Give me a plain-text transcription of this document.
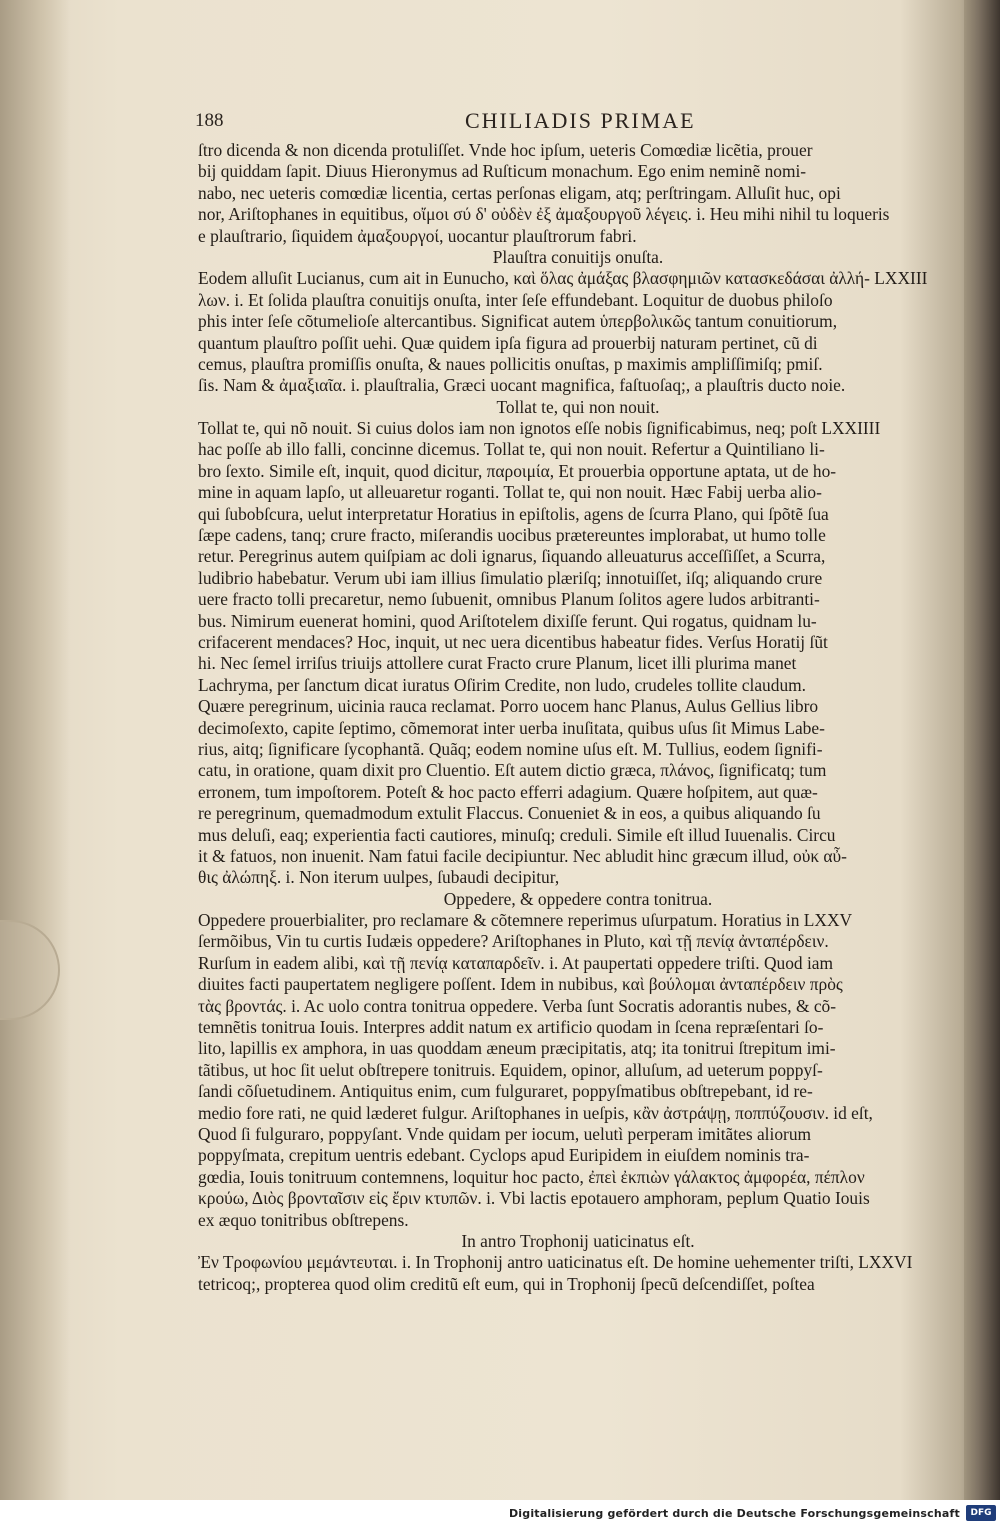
188	CHILIADIS PRIMAE
ſtro dicenda & non dicenda protuliſſet. Vnde hoc ipſum, ueteris Comœdiæ licẽtia, prouer
bij quiddam ſapit. Diuus Hieronymus ad Ruſticum monachum. Ego enim neminẽ nomi-
nabo, nec ueteris comœdiæ licentia, certas perſonas eligam, atq; perſtringam. Alluſit huc, opi
nor, Ariſtophanes in equitibus, οἴμοι σύ δ' οὐδὲν ἐξ ἀμαξουργοῦ λέγεις. i. Heu mihi nihil tu loqueris
e plauſtrario, ſiquidem ἀμαξουργοί, uocantur plauſtrorum fabri.
Plauſtra conuitijs onuſta.
Eodem alluſit Lucianus, cum ait in Eunucho, καὶ ὅλας ἀμάξας βλασφημιῶν κατασκεδάσαι ἀλλή- LXXIII
λων. i. Et ſolida plauſtra conuitijs onuſta, inter ſeſe effundebant. Loquitur de duobus philoſo
phis inter ſeſe cõtumelioſe altercantibus. Significat autem ὑπερβολικῶς tantum conuitiorum,
quantum plauſtro poſſit uehi. Quæ quidem ipſa figura ad prouerbij naturam pertinet, cũ di
cemus, plauſtra promiſſis onuſta, & naues pollicitis onuſtas, p maximis ampliſſimiſq; pmiſ.
ſis. Nam & ἀμαξιαῖα. i. plauſtralia, Græci uocant magnifica, faſtuoſaq;, a plauſtris ducto noie.
Tollat te, qui non nouit.
Tollat te, qui nõ nouit. Si cuius dolos iam non ignotos eſſe nobis ſignificabimus, neq; poſt LXXIIII
hac poſſe ab illo falli, concinne dicemus. Tollat te, qui non nouit. Refertur a Quintiliano li-
bro ſexto. Simile eſt, inquit, quod dicitur, παροιμία, Et prouerbia opportune aptata, ut de ho-
mine in aquam lapſo, ut alleuaretur roganti. Tollat te, qui non nouit. Hæc Fabij uerba alio-
qui ſubobſcura, uelut interpretatur Horatius in epiſtolis, agens de ſcurra Plano, qui ſpõtẽ ſua
ſæpe cadens, tanq; crure fracto, miſerandis uocibus prætereuntes implorabat, ut humo tolle
retur. Peregrinus autem quiſpiam ac doli ignarus, ſiquando alleuaturus acceſſiſſet, a Scurra,
ludibrio habebatur. Verum ubi iam illius ſimulatio plæriſq; innotuiſſet, iſq; aliquando crure
uere fracto tolli precaretur, nemo ſubuenit, omnibus Planum ſolitos agere ludos arbitranti-
bus. Nimirum euenerat homini, quod Ariſtotelem dixiſſe ferunt. Qui rogatus, quidnam lu-
crifacerent mendaces? Hoc, inquit, ut nec uera dicentibus habeatur fides. Verſus Horatij ſũt
hi. Nec ſemel irriſus triuijs attollere curat Fracto crure Planum, licet illi plurima manet
Lachryma, per ſanctum dicat iuratus Oſirim Credite, non ludo, crudeles tollite claudum.
Quære peregrinum, uicinia rauca reclamat. Porro uocem hanc Planus, Aulus Gellius libro
decimoſexto, capite ſeptimo, cõmemorat inter uerba inuſitata, quibus uſus ſit Mimus Labe-
rius, aitq; ſignificare ſycophantã. Quãq; eodem nomine uſus eſt. M. Tullius, eodem ſignifi-
catu, in oratione, quam dixit pro Cluentio. Eſt autem dictio græca, πλάνος, ſignificatq; tum
erronem, tum impoſtorem. Poteſt & hoc pacto efferri adagium. Quære hoſpitem, aut quæ-
re peregrinum, quemadmodum extulit Flaccus. Conueniet & in eos, a quibus aliquando ſu
mus deluſi, eaq; experientia facti cautiores, minuſq; creduli. Simile eſt illud Iuuenalis. Circu
it & fatuos, non inuenit. Nam fatui facile decipiuntur. Nec abludit hinc græcum illud, οὐκ αὖ-
θις ἀλώπηξ. i. Non iterum uulpes, ſubaudi decipitur,
Oppedere, & oppedere contra tonitrua.
Oppedere prouerbialiter, pro reclamare & cõtemnere reperimus uſurpatum. Horatius in LXXV
ſermõibus, Vin tu curtis Iudæis oppedere? Ariſtophanes in Pluto, καὶ τῇ πενίᾳ ἀνταπέρδειν.
Rurſum in eadem alibi, καὶ τῇ πενίᾳ καταπαρδεῖν. i. At paupertati oppedere triſti. Quod iam
diuites facti paupertatem negligere poſſent. Idem in nubibus, καὶ βούλομαι ἀνταπέρδειν πρὸς
τὰς βροντάς. i. Ac uolo contra tonitrua oppedere. Verba ſunt Socratis adorantis nubes, & cõ-
temnẽtis tonitrua Iouis. Interpres addit natum ex artificio quodam in ſcena repræſentari ſo-
lito, lapillis ex amphora, in uas quoddam æneum præcipitatis, atq; ita tonitrui ſtrepitum imi-
tãtibus, ut hoc ſit uelut obſtrepere tonitruis. Equidem, opinor, alluſum, ad ueterum poppyſ-
ſandi cõſuetudinem. Antiquitus enim, cum fulguraret, poppyſmatibus obſtrepebant, id re-
medio fore rati, ne quid læderet fulgur. Ariſtophanes in ueſpis, κἂν ἀστράψῃ, ποππύζουσιν. id eſt,
Quod ſi fulguraro, poppyſant. Vnde quidam per iocum, uelutì perperam imitãtes aliorum
poppyſmata, crepitum uentris edebant. Cyclops apud Euripidem in eiuſdem nominis tra-
gœdia, Iouis tonitruum contemnens, loquitur hoc pacto, ἐπεὶ ἐκπιὼν γάλακτος ἀμφορέα, πέπλον
κρούω, Διὸς βρονταῖσιν εἰς ἔριν κτυπῶν. i. Vbi lactis epotauero amphoram, peplum Quatio Iouis
ex æquo tonitribus obſtrepens.
In antro Trophonij uaticinatus eſt.
Ἐν Τροφωνίου μεμάντευται. i. In Trophonij antro uaticinatus eſt. De homine uehementer triſti, LXXVI
tetricoq;, propterea quod olim creditũ eſt eum, qui in Trophonij ſpecũ deſcendiſſet, poſtea
Digitalisierung gefördert durch die Deutsche Forschungsgemeinschaft	DFG
